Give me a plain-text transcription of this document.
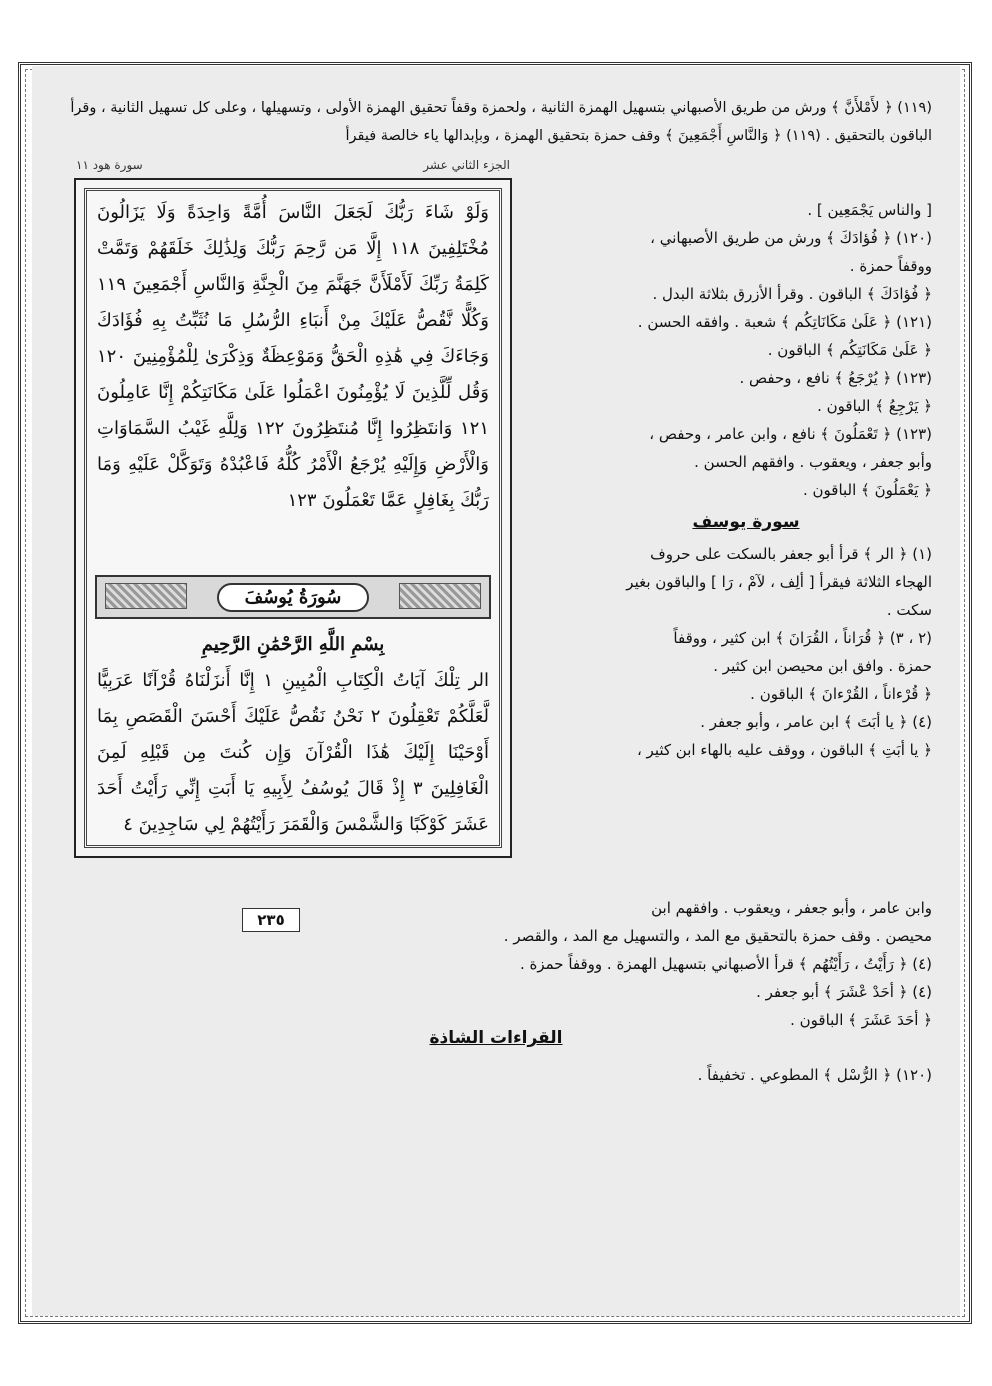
(١١٩) ﴿ لأَمْلأَنَّ ﴾ ورش من طريق الأصبهاني بتسهيل الهمزة الثانية ، ولحمزة وقفاً تحقيق الهمزة الأولى ، وتسهيلها ، وعلى كل تسهيل الثانية ، وقرأ الباقون بالتحقيق . (١١٩) ﴿ وَالنَّاسِ أَجْمَعِينَ ﴾ وقف حمزة بتحقيق الهمزة ، وبإبدالها ياء خالصة فيقرأ
الجزء الثاني عشر
سورة هود ١١
وَلَوْ شَاءَ رَبُّكَ لَجَعَلَ النَّاسَ أُمَّةً وَاحِدَةً وَلَا يَزَالُونَ مُخْتَلِفِينَ ١١٨ إِلَّا مَن رَّحِمَ رَبُّكَ وَلِذَٰلِكَ خَلَقَهُمْ وَتَمَّتْ كَلِمَةُ رَبِّكَ لَأَمْلَأَنَّ جَهَنَّمَ مِنَ الْجِنَّةِ وَالنَّاسِ أَجْمَعِينَ ١١٩ وَكُلًّا نَّقُصُّ عَلَيْكَ مِنْ أَنبَاءِ الرُّسُلِ مَا نُثَبِّتُ بِهِ فُؤَادَكَ وَجَاءَكَ فِي هَٰذِهِ الْحَقُّ وَمَوْعِظَةٌ وَذِكْرَىٰ لِلْمُؤْمِنِينَ ١٢٠ وَقُل لِّلَّذِينَ لَا يُؤْمِنُونَ اعْمَلُوا عَلَىٰ مَكَانَتِكُمْ إِنَّا عَامِلُونَ ١٢١ وَانتَظِرُوا إِنَّا مُنتَظِرُونَ ١٢٢ وَلِلَّهِ غَيْبُ السَّمَاوَاتِ وَالْأَرْضِ وَإِلَيْهِ يُرْجَعُ الْأَمْرُ كُلُّهُ فَاعْبُدْهُ وَتَوَكَّلْ عَلَيْهِ وَمَا رَبُّكَ بِغَافِلٍ عَمَّا تَعْمَلُونَ ١٢٣
سُورَةُ يُوسُفَ
بِسْمِ اللَّهِ الرَّحْمَٰنِ الرَّحِيمِ
الر تِلْكَ آيَاتُ الْكِتَابِ الْمُبِينِ ١ إِنَّا أَنزَلْنَاهُ قُرْآنًا عَرَبِيًّا لَّعَلَّكُمْ تَعْقِلُونَ ٢ نَحْنُ نَقُصُّ عَلَيْكَ أَحْسَنَ الْقَصَصِ بِمَا أَوْحَيْنَا إِلَيْكَ هَٰذَا الْقُرْآنَ وَإِن كُنتَ مِن قَبْلِهِ لَمِنَ الْغَافِلِينَ ٣ إِذْ قَالَ يُوسُفُ لِأَبِيهِ يَا أَبَتِ إِنِّي رَأَيْتُ أَحَدَ عَشَرَ كَوْكَبًا وَالشَّمْسَ وَالْقَمَرَ رَأَيْتُهُمْ لِي سَاجِدِينَ ٤
٢٣٥
[ والناس يَجْمَعِين ] .
(١٢٠) ﴿ فُؤادَكَ ﴾ ورش من طريق الأصبهاني ،
ووقفاً حمزة .
﴿ فُؤادَكَ ﴾ الباقون . وقرأ الأزرق بثلاثة البدل .
(١٢١) ﴿ عَلَىٰ مَكَانَاتِكُم ﴾ شعبة . وافقه الحسن .
﴿ عَلَىٰ مَكَانَتِكُم ﴾ الباقون .
(١٢٣) ﴿ يُرْجَعُ ﴾ نافع ، وحفص .
﴿ يَرْجِعُ ﴾ الباقون .
(١٢٣) ﴿ تَعْمَلُونَ ﴾ نافع ، وابن عامر ، وحفص ،
وأبو جعفر ، ويعقوب . وافقهم الحسن .
﴿ يَعْمَلُونَ ﴾ الباقون .
سورة يوسف
(١) ﴿ الر ﴾ قرأ أبو جعفر بالسكت على حروف
الهجاء الثلاثة فيقرأ [ ألِف ، لآمْ ، رَا ] والباقون بغير
سكت .
(٢ ، ٣) ﴿ قُرَاناً ، القُرَانَ ﴾ ابن كثير ، ووقفاً
حمزة . وافق ابن محيصن ابن كثير .
﴿ قُرْءاناً ، القُرْءانَ ﴾ الباقون .
(٤) ﴿ يا أبَتَ ﴾ ابن عامر ، وأبو جعفر .
﴿ يا أبَتِ ﴾ الباقون ، ووقف عليه بالهاء ابن كثير ،
وابن عامر ، وأبو جعفر ، ويعقوب . وافقهم ابن
محيصن . وقف حمزة بالتحقيق مع المد ، والتسهيل مع المد ، والقصر .
(٤) ﴿ رَأَيْتُ ، رَأَيْتُهُم ﴾ قرأ الأصبهاني بتسهيل الهمزة . ووقفاً حمزة .
(٤) ﴿ أحَدْ عْشَرَ ﴾ أبو جعفر .
﴿ أحَدَ عَشَرَ ﴾ الباقون .
القراءات الشاذة
(١٢٠) ﴿ الرُّسْل ﴾ المطوعي . تخفيفاً .
